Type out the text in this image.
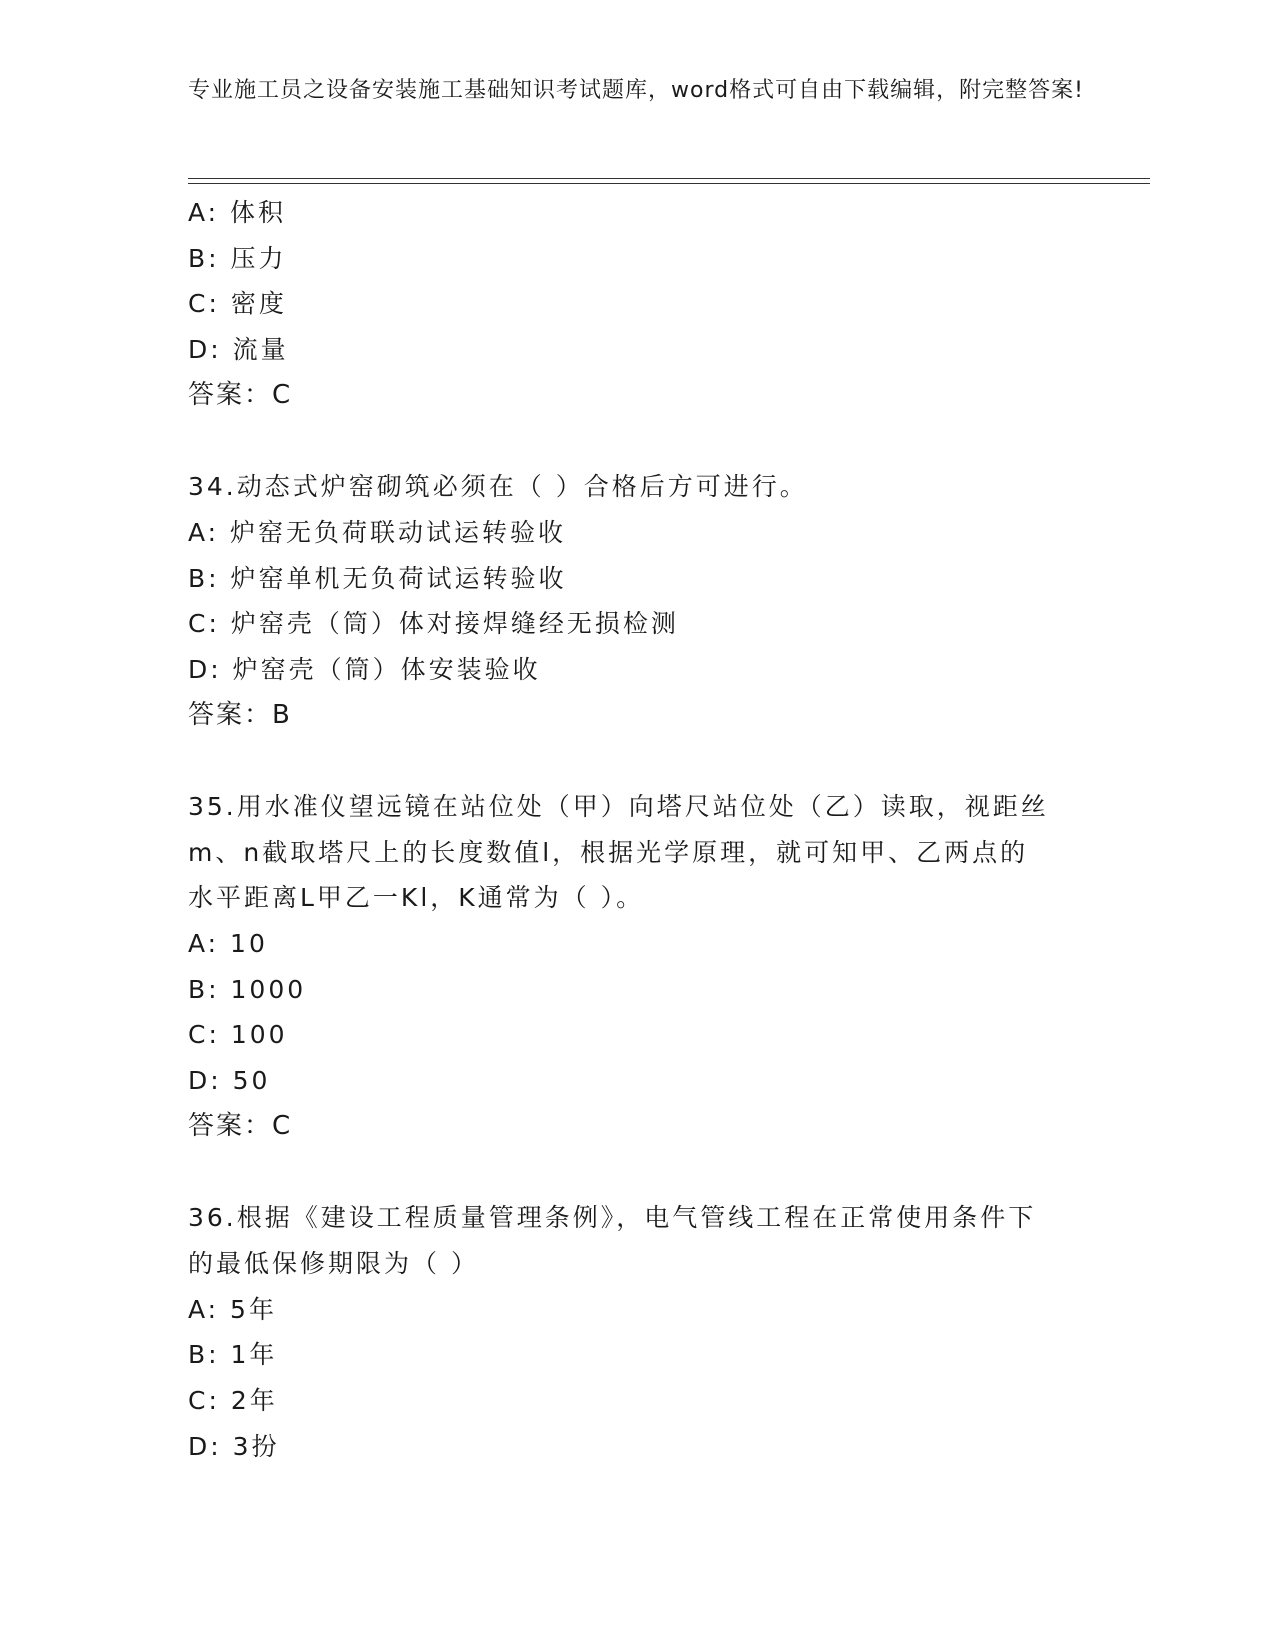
专业施工员之设备安装施工基础知识考试题库，word格式可自由下载编辑，附完整答案!
A: 体积
B: 压力
C: 密度
D: 流量
答案：C
34.动态式炉窑砌筑必须在（ ）合格后方可进行。
A: 炉窑无负荷联动试运转验收
B: 炉窑单机无负荷试运转验收
C: 炉窑壳（筒）体对接焊缝经无损检测
D: 炉窑壳（筒）体安装验收
答案：B
35.用水准仪望远镜在站位处（甲）向塔尺站位处（乙）读取，视距丝
m、n截取塔尺上的长度数值l，根据光学原理，就可知甲、乙两点的
水平距离L甲乙一Kl，K通常为（ ）。
A: 10
B: 1000
C: 100
D: 50
答案：C
36.根据《建设工程质量管理条例》，电气管线工程在正常使用条件下
的最低保修期限为（ ）
A: 5年
B: 1年
C: 2年
D: 3扮
